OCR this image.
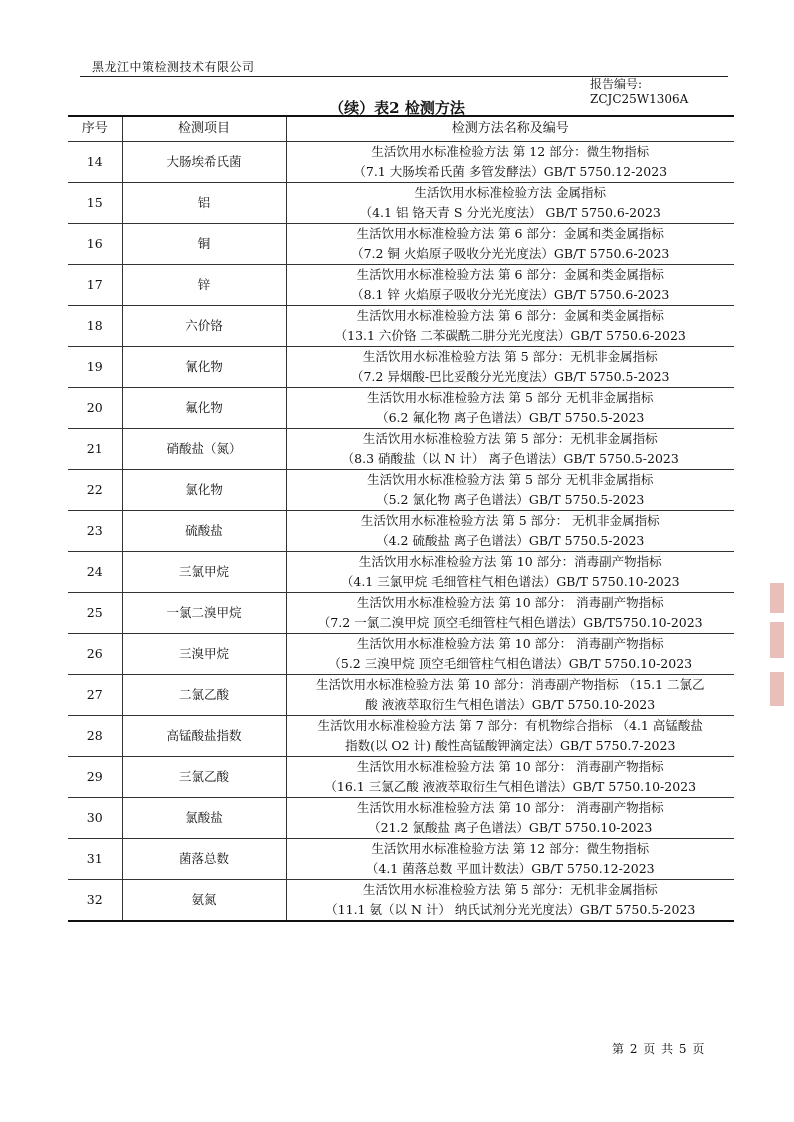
黑龙江中策检测技术有限公司
报告编号: ZCJC25W1306A
（续）表2 检测方法
序号	检测项目	检测方法名称及编号
14	大肠埃希氏菌	生活饮用水标准检验方法 第 12 部分：微生物指标
（7.1 大肠埃希氏菌 多管发酵法）GB/T 5750.12-2023

15	铝	生活饮用水标准检验方法 金属指标
（4.1 铝 铬天青 S 分光光度法） GB/T 5750.6-2023

16	铜	生活饮用水标准检验方法 第 6 部分：金属和类金属指标
（7.2 铜 火焰原子吸收分光光度法）GB/T 5750.6-2023

17	锌	生活饮用水标准检验方法 第 6 部分：金属和类金属指标
（8.1 锌 火焰原子吸收分光光度法）GB/T 5750.6-2023

18	六价铬	生活饮用水标准检验方法 第 6 部分：金属和类金属指标
（13.1 六价铬 二苯碳酰二肼分光光度法）GB/T 5750.6-2023

19	氰化物	生活饮用水标准检验方法 第 5 部分：无机非金属指标
（7.2 异烟酸-巴比妥酸分光光度法）GB/T 5750.5-2023

20	氟化物	生活饮用水标准检验方法 第 5 部分 无机非金属指标
（6.2 氟化物 离子色谱法）GB/T 5750.5-2023

21	硝酸盐（氮）	生活饮用水标准检验方法 第 5 部分：无机非金属指标
（8.3 硝酸盐（以 N 计） 离子色谱法）GB/T 5750.5-2023

22	氯化物	生活饮用水标准检验方法 第 5 部分 无机非金属指标
（5.2 氯化物 离子色谱法）GB/T 5750.5-2023

23	硫酸盐	生活饮用水标准检验方法 第 5 部分： 无机非金属指标
（4.2 硫酸盐 离子色谱法）GB/T 5750.5-2023

24	三氯甲烷	生活饮用水标准检验方法 第 10 部分：消毒副产物指标
（4.1 三氯甲烷 毛细管柱气相色谱法）GB/T 5750.10-2023

25	一氯二溴甲烷	生活饮用水标准检验方法 第 10 部分： 消毒副产物指标
（7.2 一氯二溴甲烷 顶空毛细管柱气相色谱法）GB/T5750.10-2023

26	三溴甲烷	生活饮用水标准检验方法 第 10 部分： 消毒副产物指标
（5.2 三溴甲烷 顶空毛细管柱气相色谱法）GB/T 5750.10-2023

27	二氯乙酸	生活饮用水标准检验方法 第 10 部分：消毒副产物指标 （15.1 二氯乙
酸 液液萃取衍生气相色谱法）GB/T 5750.10-2023

28	高锰酸盐指数	生活饮用水标准检验方法 第 7 部分：有机物综合指标 （4.1 高锰酸盐
指数(以 O2 计) 酸性高锰酸钾滴定法）GB/T 5750.7-2023

29	三氯乙酸	生活饮用水标准检验方法 第 10 部分： 消毒副产物指标
（16.1 三氯乙酸 液液萃取衍生气相色谱法）GB/T 5750.10-2023

30	氯酸盐	生活饮用水标准检验方法 第 10 部分： 消毒副产物指标
（21.2 氯酸盐 离子色谱法）GB/T 5750.10-2023

31	菌落总数	生活饮用水标准检验方法 第 12 部分：微生物指标
（4.1 菌落总数 平皿计数法）GB/T 5750.12-2023

32	氨氮	生活饮用水标准检验方法 第 5 部分：无机非金属指标
（11.1 氨（以 N 计） 纳氏试剂分光光度法）GB/T 5750.5-2023
第 2 页 共 5 页
